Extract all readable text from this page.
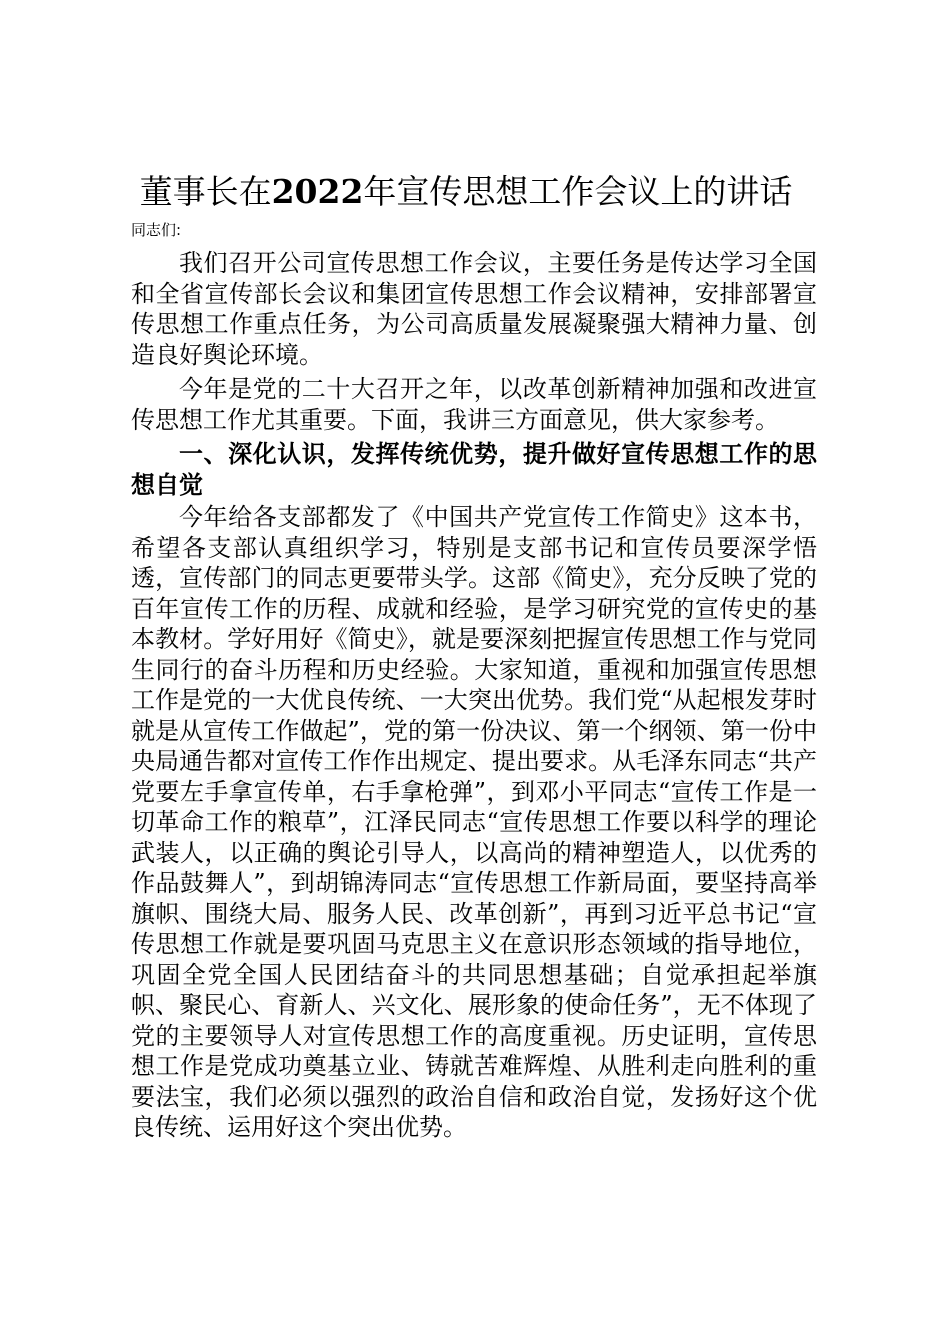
董事长在2022年宣传思想工作会议上的讲话
同志们:

我们召开公司宣传思想工作会议，主要任务是传达学习全国和全省宣传部长会议和集团宣传思想工作会议精神，安排部署宣传思想工作重点任务，为公司高质量发展凝聚强大精神力量、创造良好舆论环境。

今年是党的二十大召开之年，以改革创新精神加强和改进宣传思想工作尤其重要。下面，我讲三方面意见，供大家参考。

一、深化认识，发挥传统优势，提升做好宣传思想工作的思想自觉

今年给各支部都发了《中国共产党宣传工作简史》这本书，希望各支部认真组织学习，特别是支部书记和宣传员要深学悟透，宣传部门的同志更要带头学。这部《简史》，充分反映了党的百年宣传工作的历程、成就和经验，是学习研究党的宣传史的基本教材。学好用好《简史》，就是要深刻把握宣传思想工作与党同生同行的奋斗历程和历史经验。大家知道，重视和加强宣传思想工作是党的一大优良传统、一大突出优势。我们党“从起根发芽时就是从宣传工作做起”，党的第一份决议、第一个纲领、第一份中央局通告都对宣传工作作出规定、提出要求。从毛泽东同志“共产党要左手拿宣传单，右手拿枪弹”，到邓小平同志“宣传工作是一切革命工作的粮草”，江泽民同志“宣传思想工作要以科学的理论武装人，以正确的舆论引导人，以高尚的精神塑造人，以优秀的作品鼓舞人”，到胡锦涛同志“宣传思想工作新局面，要坚持高举旗帜、围绕大局、服务人民、改革创新”，再到习近平总书记“宣传思想工作就是要巩固马克思主义在意识形态领域的指导地位，巩固全党全国人民团结奋斗的共同思想基础；自觉承担起举旗帜、聚民心、育新人、兴文化、展形象的使命任务”，无不体现了党的主要领导人对宣传思想工作的高度重视。历史证明，宣传思想工作是党成功奠基立业、铸就苦难辉煌、从胜利走向胜利的重要法宝，我们必须以强烈的政治自信和政治自觉，发扬好这个优良传统、运用好这个突出优势。
